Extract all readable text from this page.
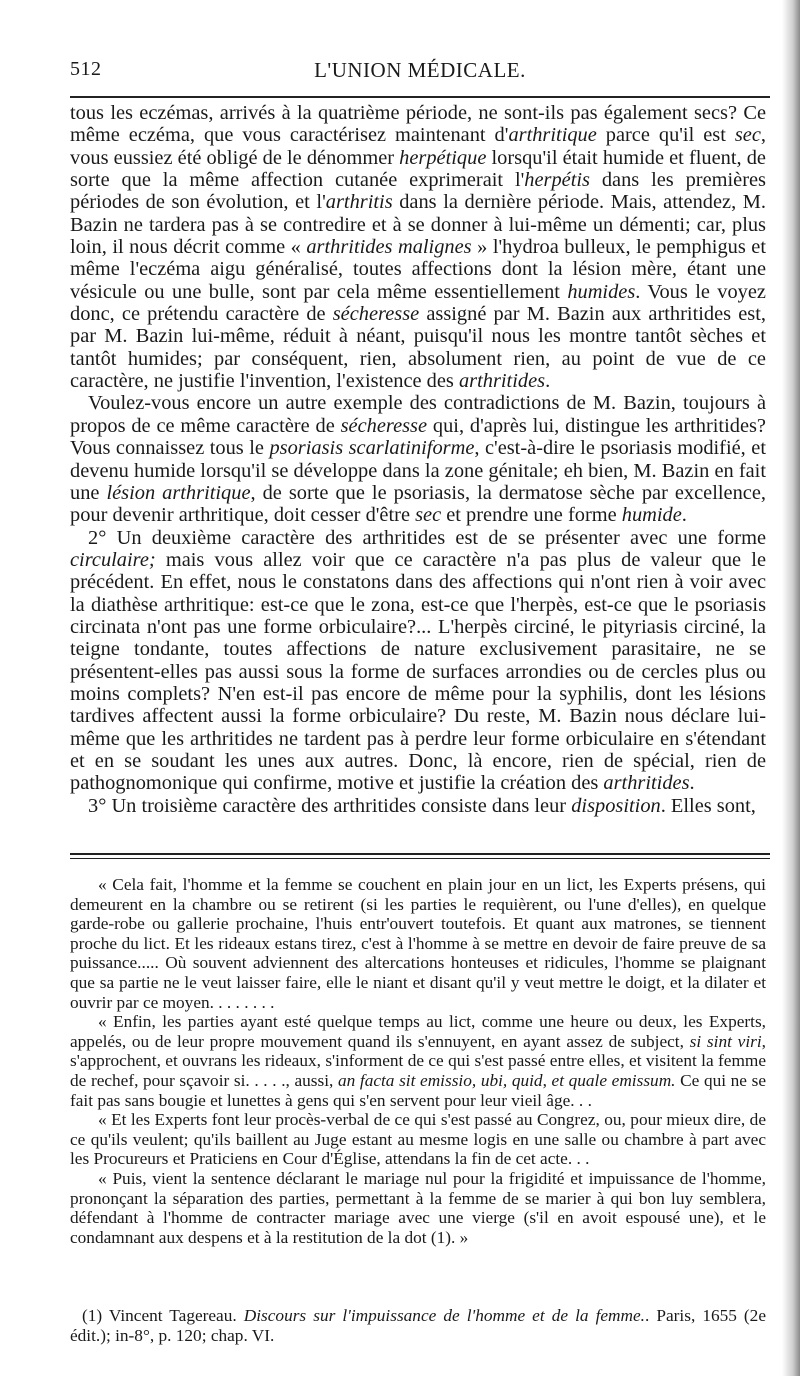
512	L'UNION MÉDICALE.

tous les eczémas, arrivés à la quatrième période, ne sont-ils pas également secs? Ce même eczéma, que vous caractérisez maintenant d'arthritique parce qu'il est sec, vous eussiez été obligé de le dénommer herpétique lorsqu'il était humide et fluent, de sorte que la même affection cutanée exprimerait l'herpétis dans les premières périodes de son évolution, et l'arthritis dans la dernière période. Mais, attendez, M. Bazin ne tardera pas à se contredire et à se donner à lui-même un démenti; car, plus loin, il nous décrit comme « arthritides malignes » l'hydroa bulleux, le pemphigus et même l'eczéma aigu généralisé, toutes affections dont la lésion mère, étant une vésicule ou une bulle, sont par cela même essentiellement humides. Vous le voyez donc, ce prétendu caractère de sécheresse assigné par M. Bazin aux arthritides est, par M. Bazin lui-même, réduit à néant, puisqu'il nous les montre tantôt sèches et tantôt humides; par conséquent, rien, absolument rien, au point de vue de ce caractère, ne justifie l'invention, l'existence des arthritides.

Voulez-vous encore un autre exemple des contradictions de M. Bazin, toujours à propos de ce même caractère de sécheresse qui, d'après lui, distingue les arthritides? Vous connaissez tous le psoriasis scarlatiniforme, c'est-à-dire le psoriasis modifié, et devenu humide lorsqu'il se développe dans la zone génitale; eh bien, M. Bazin en fait une lésion arthritique, de sorte que le psoriasis, la dermatose sèche par excellence, pour devenir arthritique, doit cesser d'être sec et prendre une forme humide.

2° Un deuxième caractère des arthritides est de se présenter avec une forme circulaire; mais vous allez voir que ce caractère n'a pas plus de valeur que le précédent. En effet, nous le constatons dans des affections qui n'ont rien à voir avec la diathèse arthritique: est-ce que le zona, est-ce que l'herpès, est-ce que le psoriasis circinata n'ont pas une forme orbiculaire?... L'herpès circiné, le pityriasis circiné, la teigne tondante, toutes affections de nature exclusivement parasitaire, ne se présentent-elles pas aussi sous la forme de surfaces arrondies ou de cercles plus ou moins complets? N'en est-il pas encore de même pour la syphilis, dont les lésions tardives affectent aussi la forme orbiculaire? Du reste, M. Bazin nous déclare lui-même que les arthritides ne tardent pas à perdre leur forme orbiculaire en s'étendant et en se soudant les unes aux autres. Donc, là encore, rien de spécial, rien de pathognomonique qui confirme, motive et justifie la création des arthritides.

3° Un troisième caractère des arthritides consiste dans leur disposition. Elles sont,

« Cela fait, l'homme et la femme se couchent en plain jour en un lict, les Experts présens, qui demeurent en la chambre ou se retirent (si les parties le requièrent, ou l'une d'elles), en quelque garde-robe ou gallerie prochaine, l'huis entr'ouvert toutefois. Et quant aux matrones, se tiennent proche du lict. Et les rideaux estans tirez, c'est à l'homme à se mettre en devoir de faire preuve de sa puissance..... Où souvent adviennent des altercations honteuses et ridicules, l'homme se plaignant que sa partie ne le veut laisser faire, elle le niant et disant qu'il y veut mettre le doigt, et la dilater et ouvrir par ce moyen. . . . . . . .

« Enfin, les parties ayant esté quelque temps au lict, comme une heure ou deux, les Experts, appelés, ou de leur propre mouvement quand ils s'ennuyent, en ayant assez de subject, si sint viri, s'approchent, et ouvrans les rideaux, s'informent de ce qui s'est passé entre elles, et visitent la femme de rechef, pour sçavoir si. . . . ., aussi, an facta sit emissio, ubi, quid, et quale emissum. Ce qui ne se fait pas sans bougie et lunettes à gens qui s'en servent pour leur vieil âge. . .

« Et les Experts font leur procès-verbal de ce qui s'est passé au Congrez, ou, pour mieux dire, de ce qu'ils veulent; qu'ils baillent au Juge estant au mesme logis en une salle ou chambre à part avec les Procureurs et Praticiens en Cour d'Église, attendans la fin de cet acte. . .

« Puis, vient la sentence déclarant le mariage nul pour la frigidité et impuissance de l'homme, prononçant la séparation des parties, permettant à la femme de se marier à qui bon luy semblera, défendant à l'homme de contracter mariage avec une vierge (s'il en avoit espousé une), et le condamnant aux despens et à la restitution de la dot (1). »

(1) Vincent Tagereau. Discours sur l'impuissance de l'homme et de la femme.. Paris, 1655 (2e édit.); in-8°, p. 120; chap. VI.
